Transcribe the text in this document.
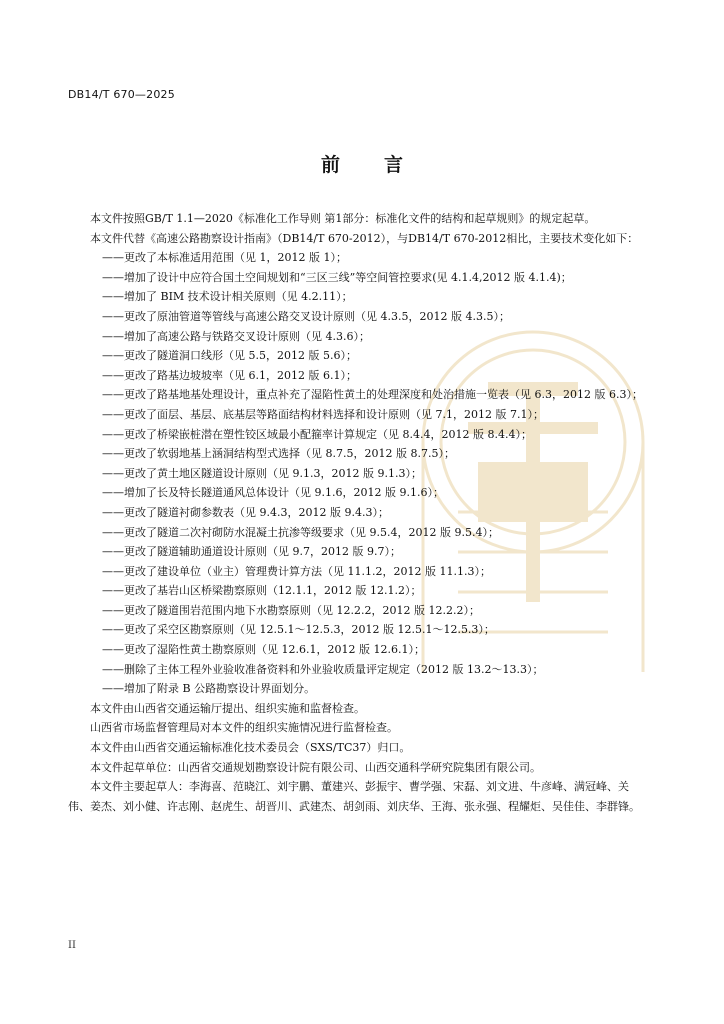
DB14/T 670—2025
前言

本文件按照GB/T 1.1—2020《标准化工作导则 第1部分：标准化文件的结构和起草规则》的规定起草。

本文件代替《高速公路勘察设计指南》（DB14/T 670-2012），与DB14/T 670-2012相比，主要技术变化如下：

——更改了本标准适用范围（见 1，2012 版 1）；

——增加了设计中应符合国土空间规划和“三区三线”等空间管控要求(见 4.1.4,2012 版 4.1.4)；

——增加了 BIM 技术设计相关原则（见 4.2.11）；

——更改了原油管道等管线与高速公路交叉设计原则（见 4.3.5，2012 版 4.3.5）；

——增加了高速公路与铁路交叉设计原则（见 4.3.6）；

——更改了隧道洞口线形（见 5.5，2012 版 5.6）；

——更改了路基边坡坡率（见 6.1，2012 版 6.1）；

——更改了路基地基处理设计，重点补充了湿陷性黄土的处理深度和处治措施一览表（见 6.3，2012 版 6.3）；

——更改了面层、基层、底基层等路面结构材料选择和设计原则（见 7.1，2012 版 7.1）；

——更改了桥梁嵌桩潜在塑性铰区域最小配箍率计算规定（见 8.4.4，2012 版 8.4.4）；

——更改了软弱地基上涵洞结构型式选择（见 8.7.5，2012 版 8.7.5）；

——更改了黄土地区隧道设计原则（见 9.1.3，2012 版 9.1.3）；

——增加了长及特长隧道通风总体设计（见 9.1.6，2012 版 9.1.6）；

——更改了隧道衬砌参数表（见 9.4.3，2012 版 9.4.3）；

——更改了隧道二次衬砌防水混凝土抗渗等级要求（见 9.5.4，2012 版 9.5.4）；

——更改了隧道辅助通道设计原则（见 9.7，2012 版 9.7）；

——更改了建设单位（业主）管理费计算方法（见 11.1.2，2012 版 11.1.3）；

——更改了基岩山区桥梁勘察原则（12.1.1，2012 版 12.1.2）；

——更改了隧道围岩范围内地下水勘察原则（见 12.2.2，2012 版 12.2.2）；

——更改了采空区勘察原则（见 12.5.1～12.5.3，2012 版 12.5.1～12.5.3）；

——更改了湿陷性黄土勘察原则（见 12.6.1，2012 版 12.6.1）；

——删除了主体工程外业验收准备资料和外业验收质量评定规定（2012 版 13.2～13.3）；

——增加了附录 B 公路勘察设计界面划分。

本文件由山西省交通运输厅提出、组织实施和监督检查。

山西省市场监督管理局对本文件的组织实施情况进行监督检查。

本文件由山西省交通运输标准化技术委员会（SXS/TC37）归口。

本文件起草单位：山西省交通规划勘察设计院有限公司、山西交通科学研究院集团有限公司。

本文件主要起草人：李海喜、范晓江、刘宇鹏、董建兴、彭振宇、曹学强、宋磊、刘文进、牛彦峰、满冠峰、关伟、姜杰、刘小健、许志刚、赵虎生、胡晋川、武建杰、胡剑雨、刘庆华、王海、张永强、程耀炬、吴佳佳、李群锋。

II
